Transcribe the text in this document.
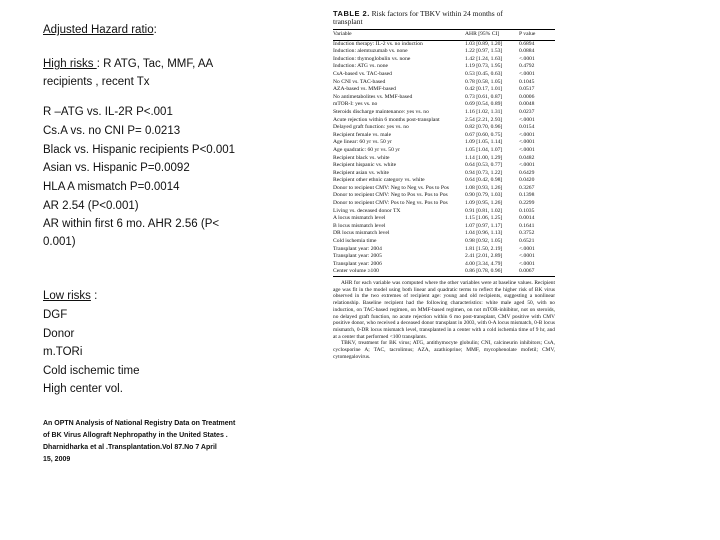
Adjusted Hazard ratio:
High risks : R ATG, Tac, MMF, AA
recipients , recent Tx
R –ATG vs. IL-2R P<.001
Cs.A vs. no CNI P= 0.0213
Black vs. Hispanic recipients P<0.001
Asian vs. Hispanic P=0.0092
HLA A mismatch P=0.0014
AR 2.54 (P<0.001)
AR within first 6 mo. AHR 2.56 (P<
0.001)
Low risks :
DGF
Donor
m.TORi
Cold ischemic time
High center vol.
An OPTN Analysis of National Registry Data on Treatment
of BK Virus Allograft Nephropathy in the United States .
Dharnidharka et al .Transplantation.Vol 87.No 7 April
15, 2009
TABLE 2. Risk factors for TBKV within 24 months of
transplant
Variable	AHR [95% CI]	P value
Induction therapy: IL-2 vs. no induction	1.03 [0.89, 1.20]	0.6894
Induction: alemtuzumab vs. none	1.22 [0.97, 1.53]	0.0884
Induction: thymoglobulin vs. none	1.42 [1.24, 1.63]	<.0001
Induction: ATG vs. none	1.19 [0.73, 1.95]	0.4792
CsA-based vs. TAC-based	0.53 [0.45, 0.63]	<.0001
No CNI vs. TAC-based	0.78 [0.58, 1.05]	0.1045
AZA-based vs. MMF-based	0.42 [0.17, 1.01]	0.0517
No antimetabolites vs. MMF-based	0.73 [0.61, 0.87]	0.0006
mTOR-I: yes vs. no	0.69 [0.54, 0.89]	0.0048
Steroids discharge maintenance: yes vs. no	1.16 [1.02, 1.31]	0.0237
Acute rejection within 6 months post-transplant	2.54 [2.21, 2.93]	<.0001
Delayed graft function: yes vs. no	0.82 [0.70, 0.96]	0.0154
Recipient female vs. male	0.67 [0.60, 0.75]	<.0001
Age linear: 60 yr vs. 50 yr	1.09 [1.05, 1.14]	<.0001
Age quadratic: 60 yr vs. 50 yr	1.05 [1.04, 1.07]	<.0001
Recipient black vs. white	1.14 [1.00, 1.29]	0.0482
Recipient hispanic vs. white	0.64 [0.53, 0.77]	<.0001
Recipient asian vs. white	0.94 [0.73, 1.22]	0.6429
Recipient other ethnic category vs. white	0.64 [0.42, 0.98]	0.0420
Donor to recipient CMV: Neg to Neg vs. Pos to Pos	1.08 [0.93, 1.26]	0.3267
Donor to recipient CMV: Neg to Pos vs. Pos to Pos	0.90 [0.79, 1.03]	0.1398
Donor to recipient CMV: Pos to Neg vs. Pos to Pos	1.09 [0.95, 1.26]	0.2299
Living vs. deceased donor TX	0.91 [0.81, 1.02]	0.1035
A locus mismatch level	1.15 [1.06, 1.25]	0.0014
B locus mismatch level	1.07 [0.97, 1.17]	0.1641
DR locus mismatch level	1.04 [0.96, 1.13]	0.3752
Cold ischemia time	0.98 [0.92, 1.05]	0.6521
Transplant year: 2004	1.81 [1.50, 2.19]	<.0001
Transplant year: 2005	2.41 [2.01, 2.89]	<.0001
Transplant year: 2006	4.00 [3.34, 4.79]	<.0001
Center volume ≥100	0.86 [0.78, 0.96]	0.0067

AHR for each variable was computed where the other variables were at baseline values. Recipient age was fit in the model using both linear and quadratic terms to reflect the higher risk of BK virus observed in the two extremes of recipient age: young and old recipients, suggesting a nonlinear relationship. Baseline recipient had the following characteristics: white male aged 50, with no induction, on TAC-based regimen, on MMF-based regimen, on not mTOR-inhibitor, not on steroids, no delayed graft function, no acute rejection within 6 mo post-transplant, CMV positive with CMV positive donor, who received a deceased donor transplant in 2003, with 0-A locus mismatch, 0-B locus mismatch, 0-DR locus mismatch level, transplanted in a center with a cold ischemia time of 9 hr, and at a center that performed <100 transplants.

TBKV, treatment for BK virus; ATG, antithymocyte globulin; CNI, calcineurin inhibitors; CsA, cyclosporine A; TAC, tacrolimus; AZA, azathioprine; MMF, mycophenolate mofetil; CMV, cytomegalovirus.
